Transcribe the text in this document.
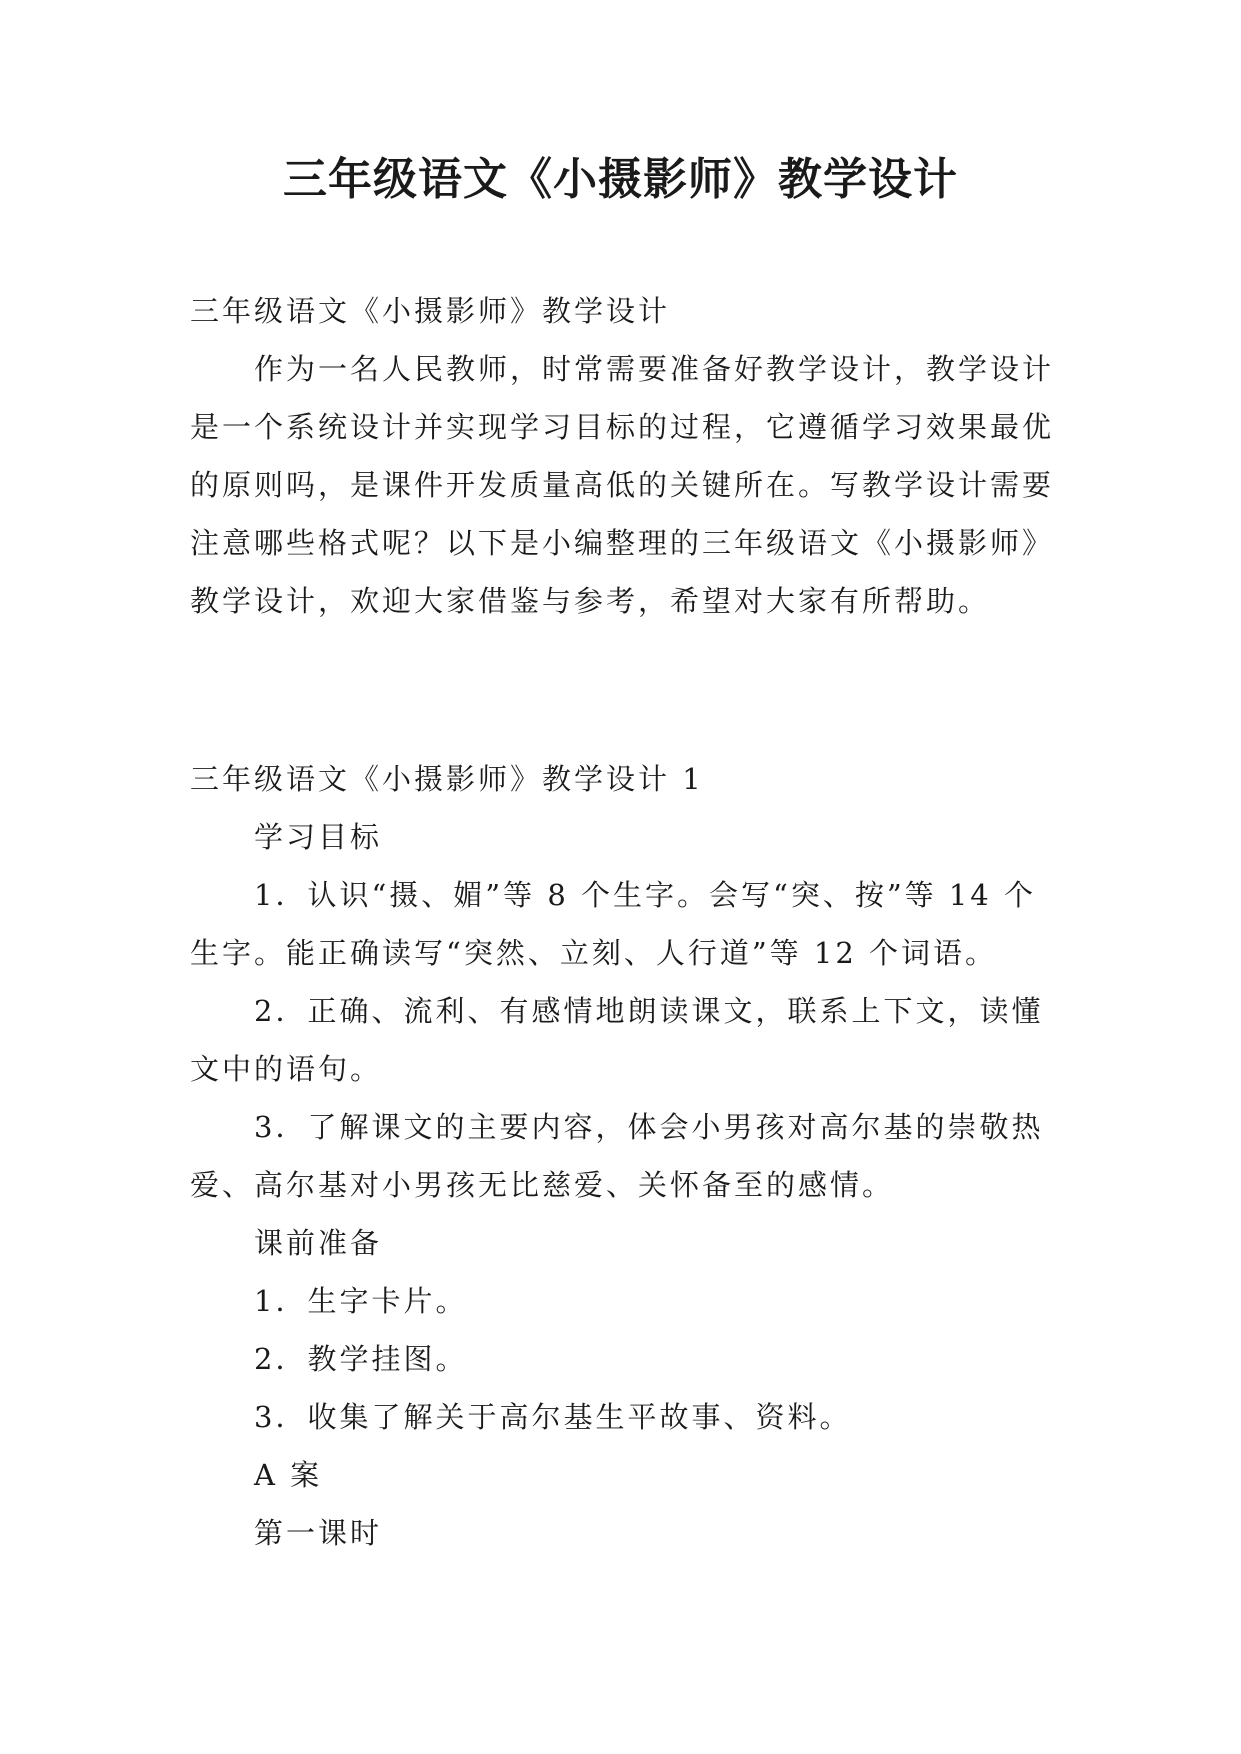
三年级语文《小摄影师》教学设计

三年级语文《小摄影师》教学设计

作为一名人民教师，时常需要准备好教学设计，教学设计是一个系统设计并实现学习目标的过程，它遵循学习效果最优的原则吗，是课件开发质量高低的关键所在。写教学设计需要注意哪些格式呢？以下是小编整理的三年级语文《小摄影师》教学设计，欢迎大家借鉴与参考，希望对大家有所帮助。

三年级语文《小摄影师》教学设计 1

学习目标

1．认识“摄、媚”等 8 个生字。会写“突、按”等 14 个生字。能正确读写“突然、立刻、人行道”等 12 个词语。

2．正确、流利、有感情地朗读课文，联系上下文，读懂文中的语句。

3．了解课文的主要内容，体会小男孩对高尔基的崇敬热爱、高尔基对小男孩无比慈爱、关怀备至的感情。

课前准备

1．生字卡片。

2．教学挂图。

3．收集了解关于高尔基生平故事、资料。

A 案

第一课时
